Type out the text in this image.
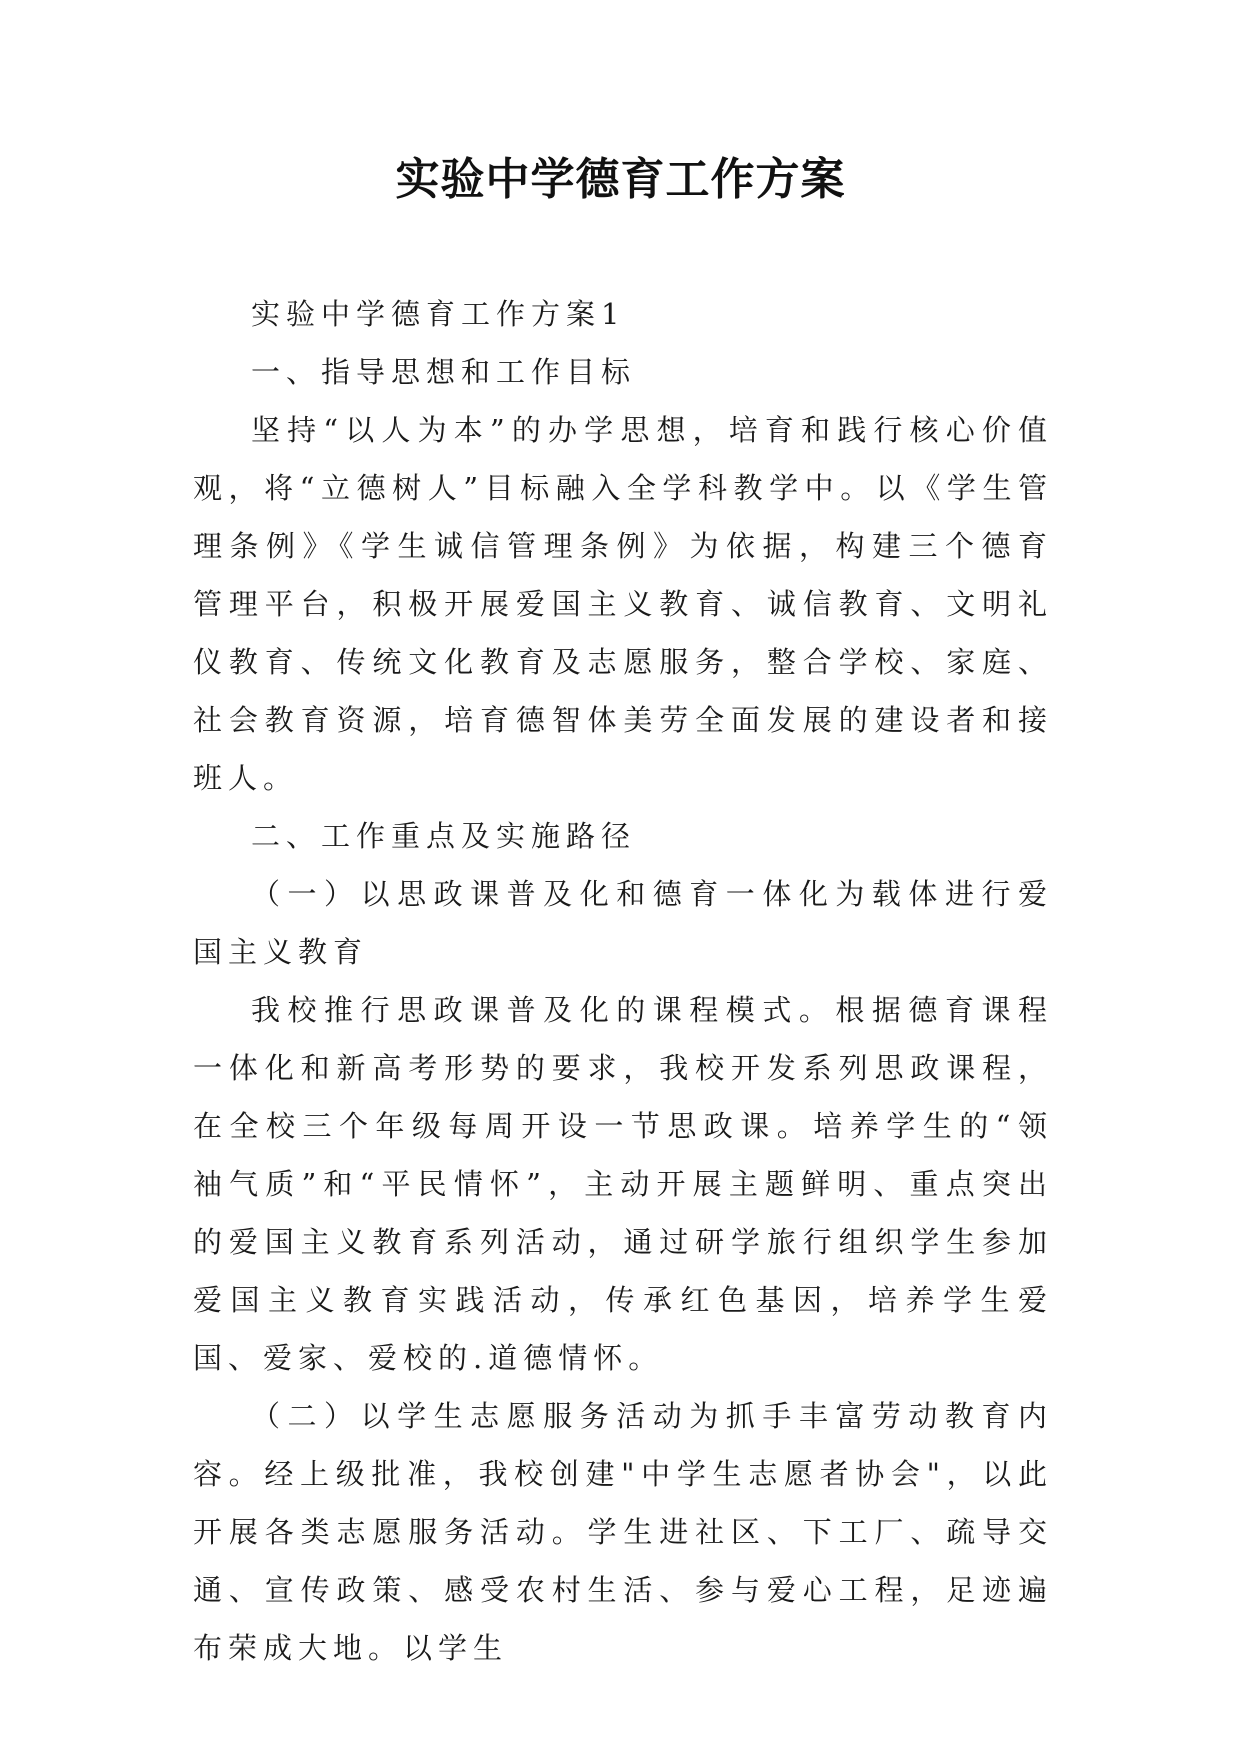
实验中学德育工作方案

实验中学德育工作方案1

一、指导思想和工作目标

坚持“以人为本”的办学思想，培育和践行核心价值观，将“立德树人”目标融入全学科教学中。以《学生管理条例》《学生诚信管理条例》为依据，构建三个德育管理平台，积极开展爱国主义教育、诚信教育、文明礼仪教育、传统文化教育及志愿服务，整合学校、家庭、社会教育资源，培育德智体美劳全面发展的建设者和接班人。

二、工作重点及实施路径

（一）以思政课普及化和德育一体化为载体进行爱国主义教育

我校推行思政课普及化的课程模式。根据德育课程一体化和新高考形势的要求，我校开发系列思政课程，在全校三个年级每周开设一节思政课。培养学生的“领袖气质”和“平民情怀”，主动开展主题鲜明、重点突出的爱国主义教育系列活动，通过研学旅行组织学生参加爱国主义教育实践活动，传承红色基因，培养学生爱国、爱家、爱校的.道德情怀。

（二）以学生志愿服务活动为抓手丰富劳动教育内容。经上级批准，我校创建"中学生志愿者协会"，以此开展各类志愿服务活动。学生进社区、下工厂、疏导交通、宣传政策、感受农村生活、参与爱心工程，足迹遍布荣成大地。以学生
